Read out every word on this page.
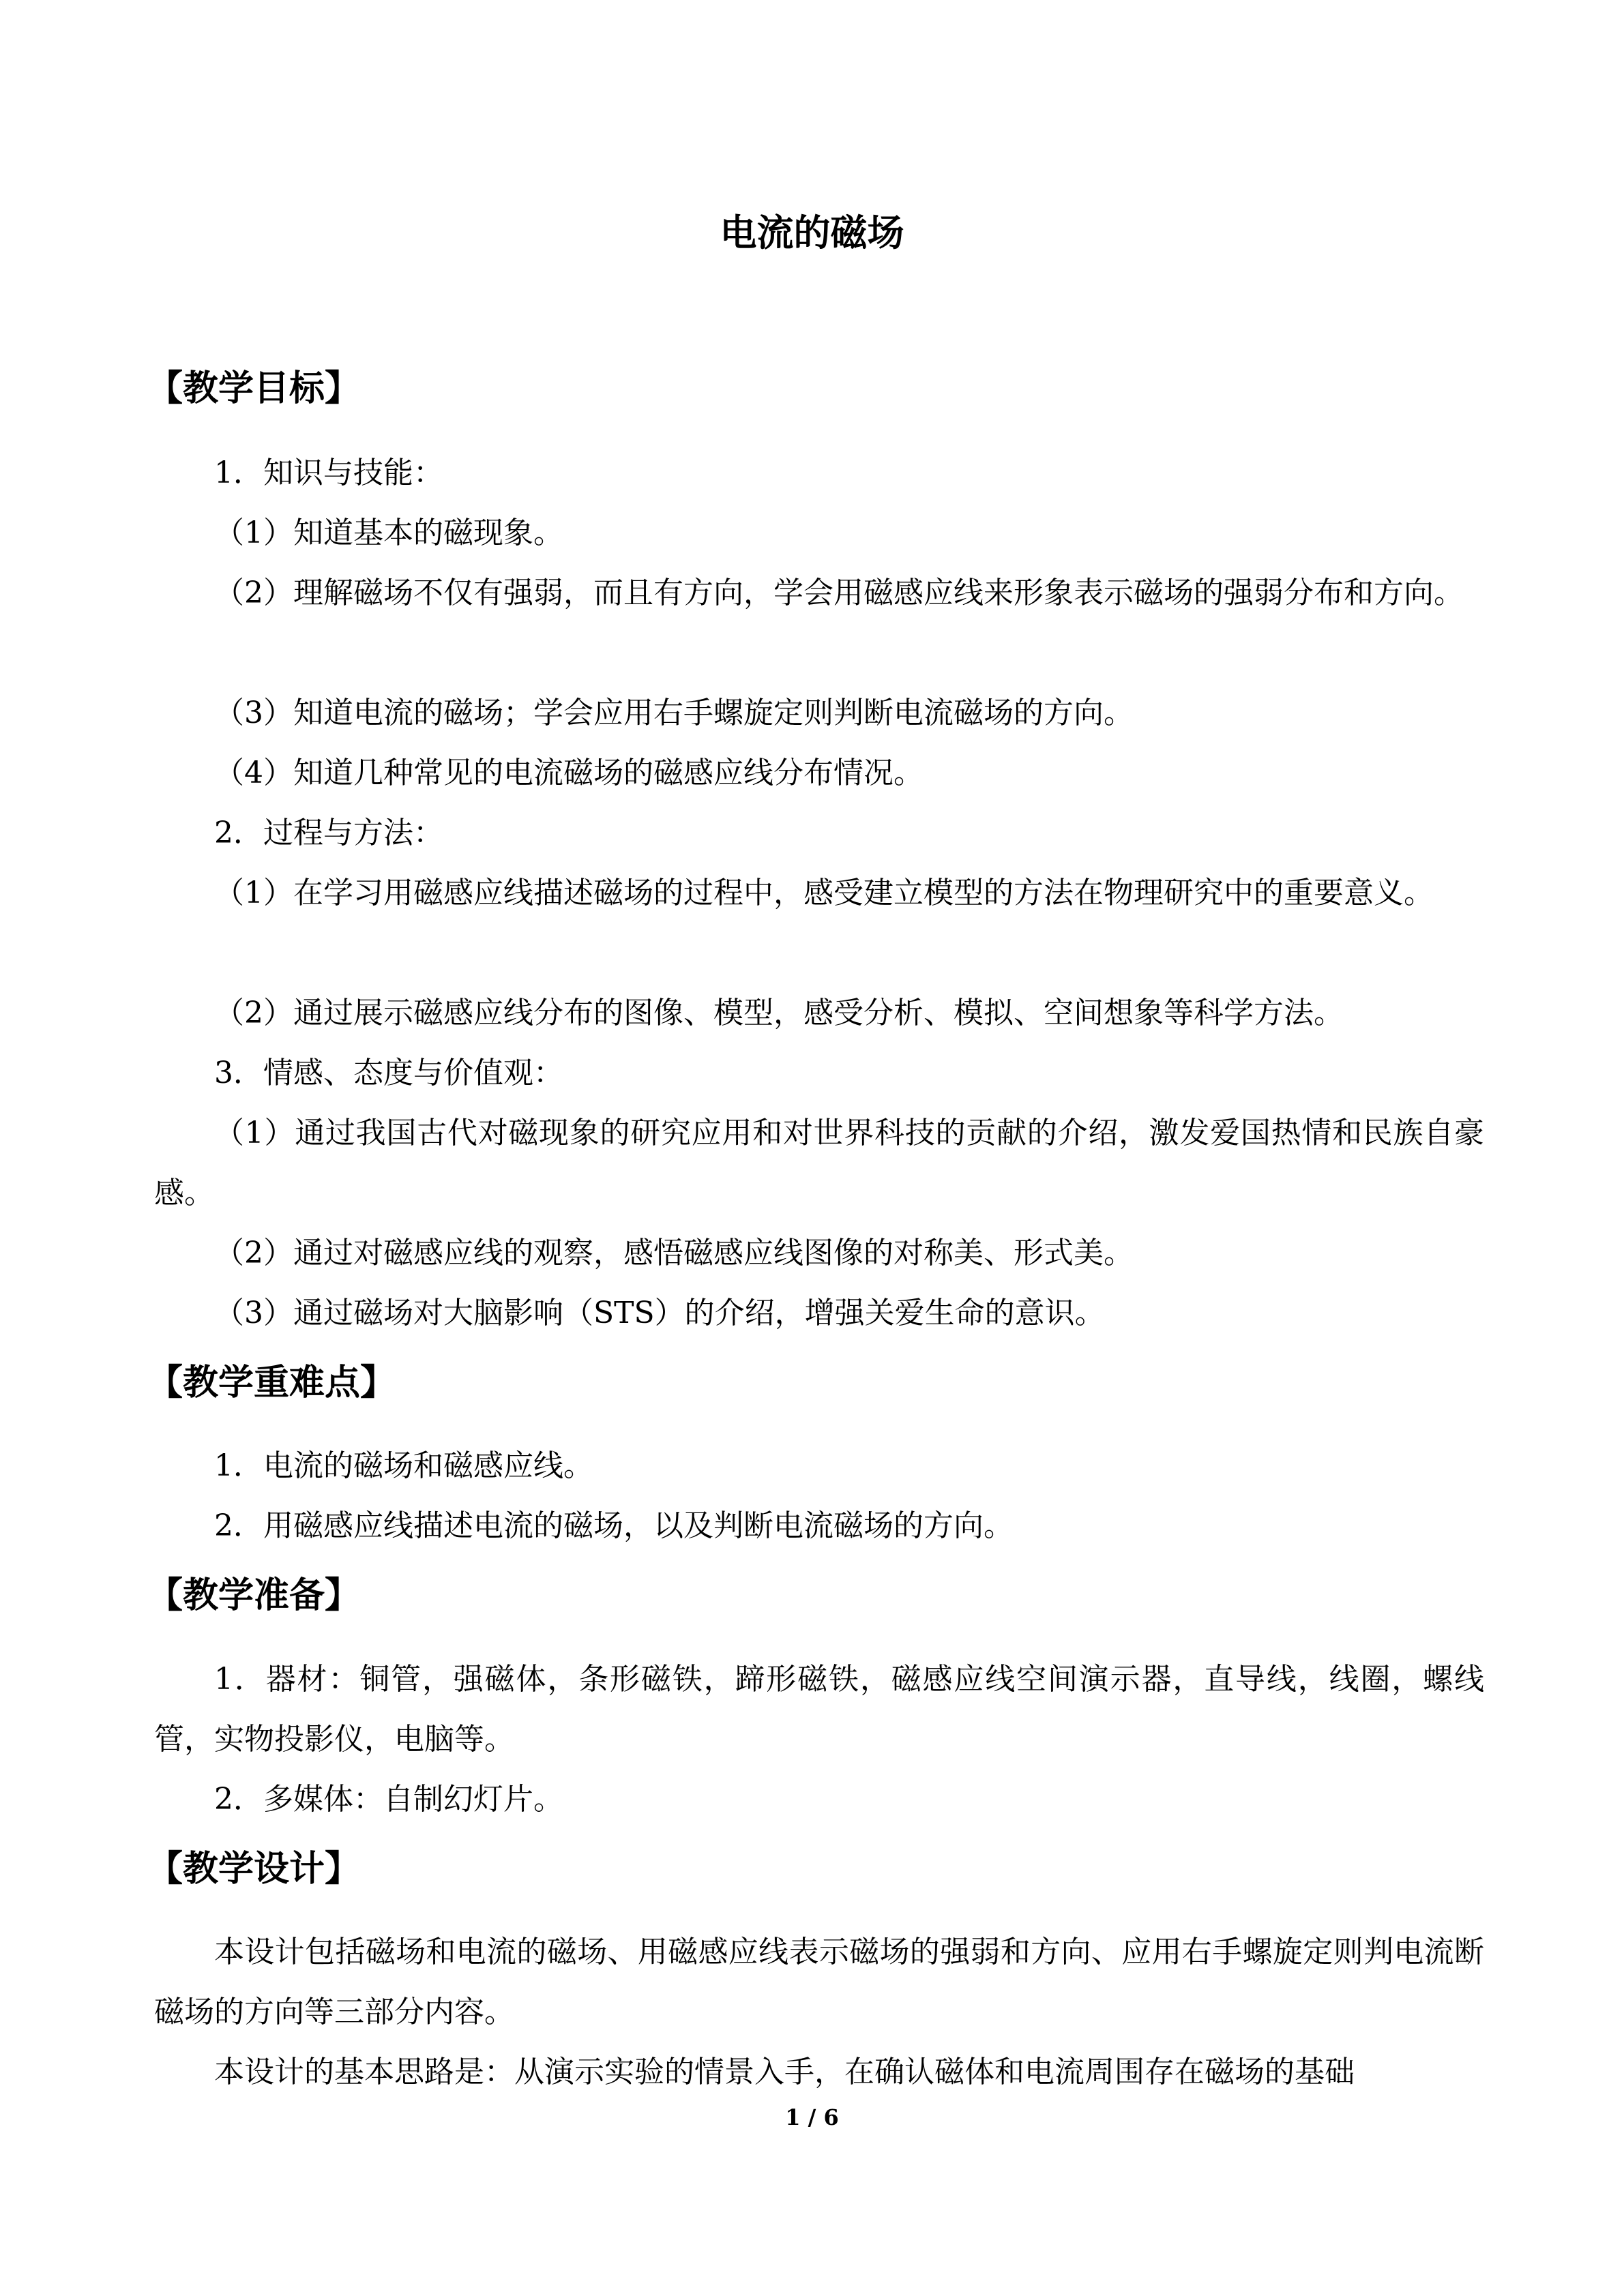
电流的磁场
【教学目标】

1．知识与技能：

（1）知道基本的磁现象。

（2）理解磁场不仅有强弱，而且有方向，学会用磁感应线来形象表示磁场的强弱分布和方向。

（3）知道电流的磁场；学会应用右手螺旋定则判断电流磁场的方向。

（4）知道几种常见的电流磁场的磁感应线分布情况。

2．过程与方法：

（1）在学习用磁感应线描述磁场的过程中，感受建立模型的方法在物理研究中的重要意义。

（2）通过展示磁感应线分布的图像、模型，感受分析、模拟、空间想象等科学方法。

3．情感、态度与价值观：

（1）通过我国古代对磁现象的研究应用和对世界科技的贡献的介绍，激发爱国热情和民族自豪感。

（2）通过对磁感应线的观察，感悟磁感应线图像的对称美、形式美。

（3）通过磁场对大脑影响（STS）的介绍，增强关爱生命的意识。

【教学重难点】

1．电流的磁场和磁感应线。

2．用磁感应线描述电流的磁场，以及判断电流磁场的方向。

【教学准备】

1．器材：铜管，强磁体，条形磁铁，蹄形磁铁，磁感应线空间演示器，直导线，线圈，螺线管，实物投影仪，电脑等。

2．多媒体：自制幻灯片。

【教学设计】

本设计包括磁场和电流的磁场、用磁感应线表示磁场的强弱和方向、应用右手螺旋定则判电流断磁场的方向等三部分内容。

本设计的基本思路是：从演示实验的情景入手，在确认磁体和电流周围存在磁场的基础

1 / 6
